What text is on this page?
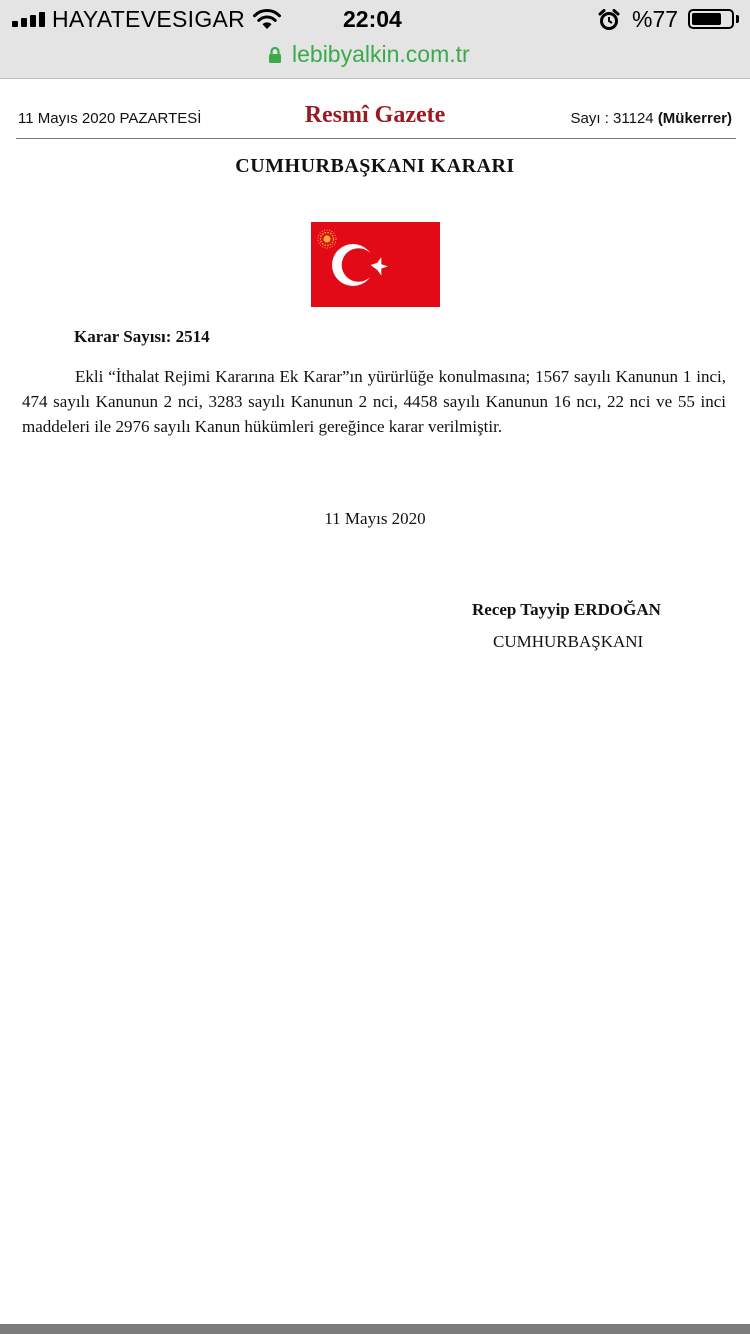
HAYATEVESIGAR	22:04	%77
lebibyalkin.com.tr
11 Mayıs 2020 PAZARTESİ	Resmî Gazete	Sayı : 31124 (Mükerrer)
CUMHURBAŞKANI KARARI
Karar Sayısı: 2514
Ekli “İthalat Rejimi Kararına Ek Karar”ın yürürlüğe konulmasına; 1567 sayılı Kanunun 1 inci, 474 sayılı Kanunun 2 nci, 3283 sayılı Kanunun 2 nci, 4458 sayılı Kanunun 16 ncı, 22 nci ve 55 inci maddeleri ile 2976 sayılı Kanun hükümleri gereğince karar verilmiştir.
11 Mayıs 2020
Recep Tayyip ERDOĞAN
CUMHURBAŞKANI
